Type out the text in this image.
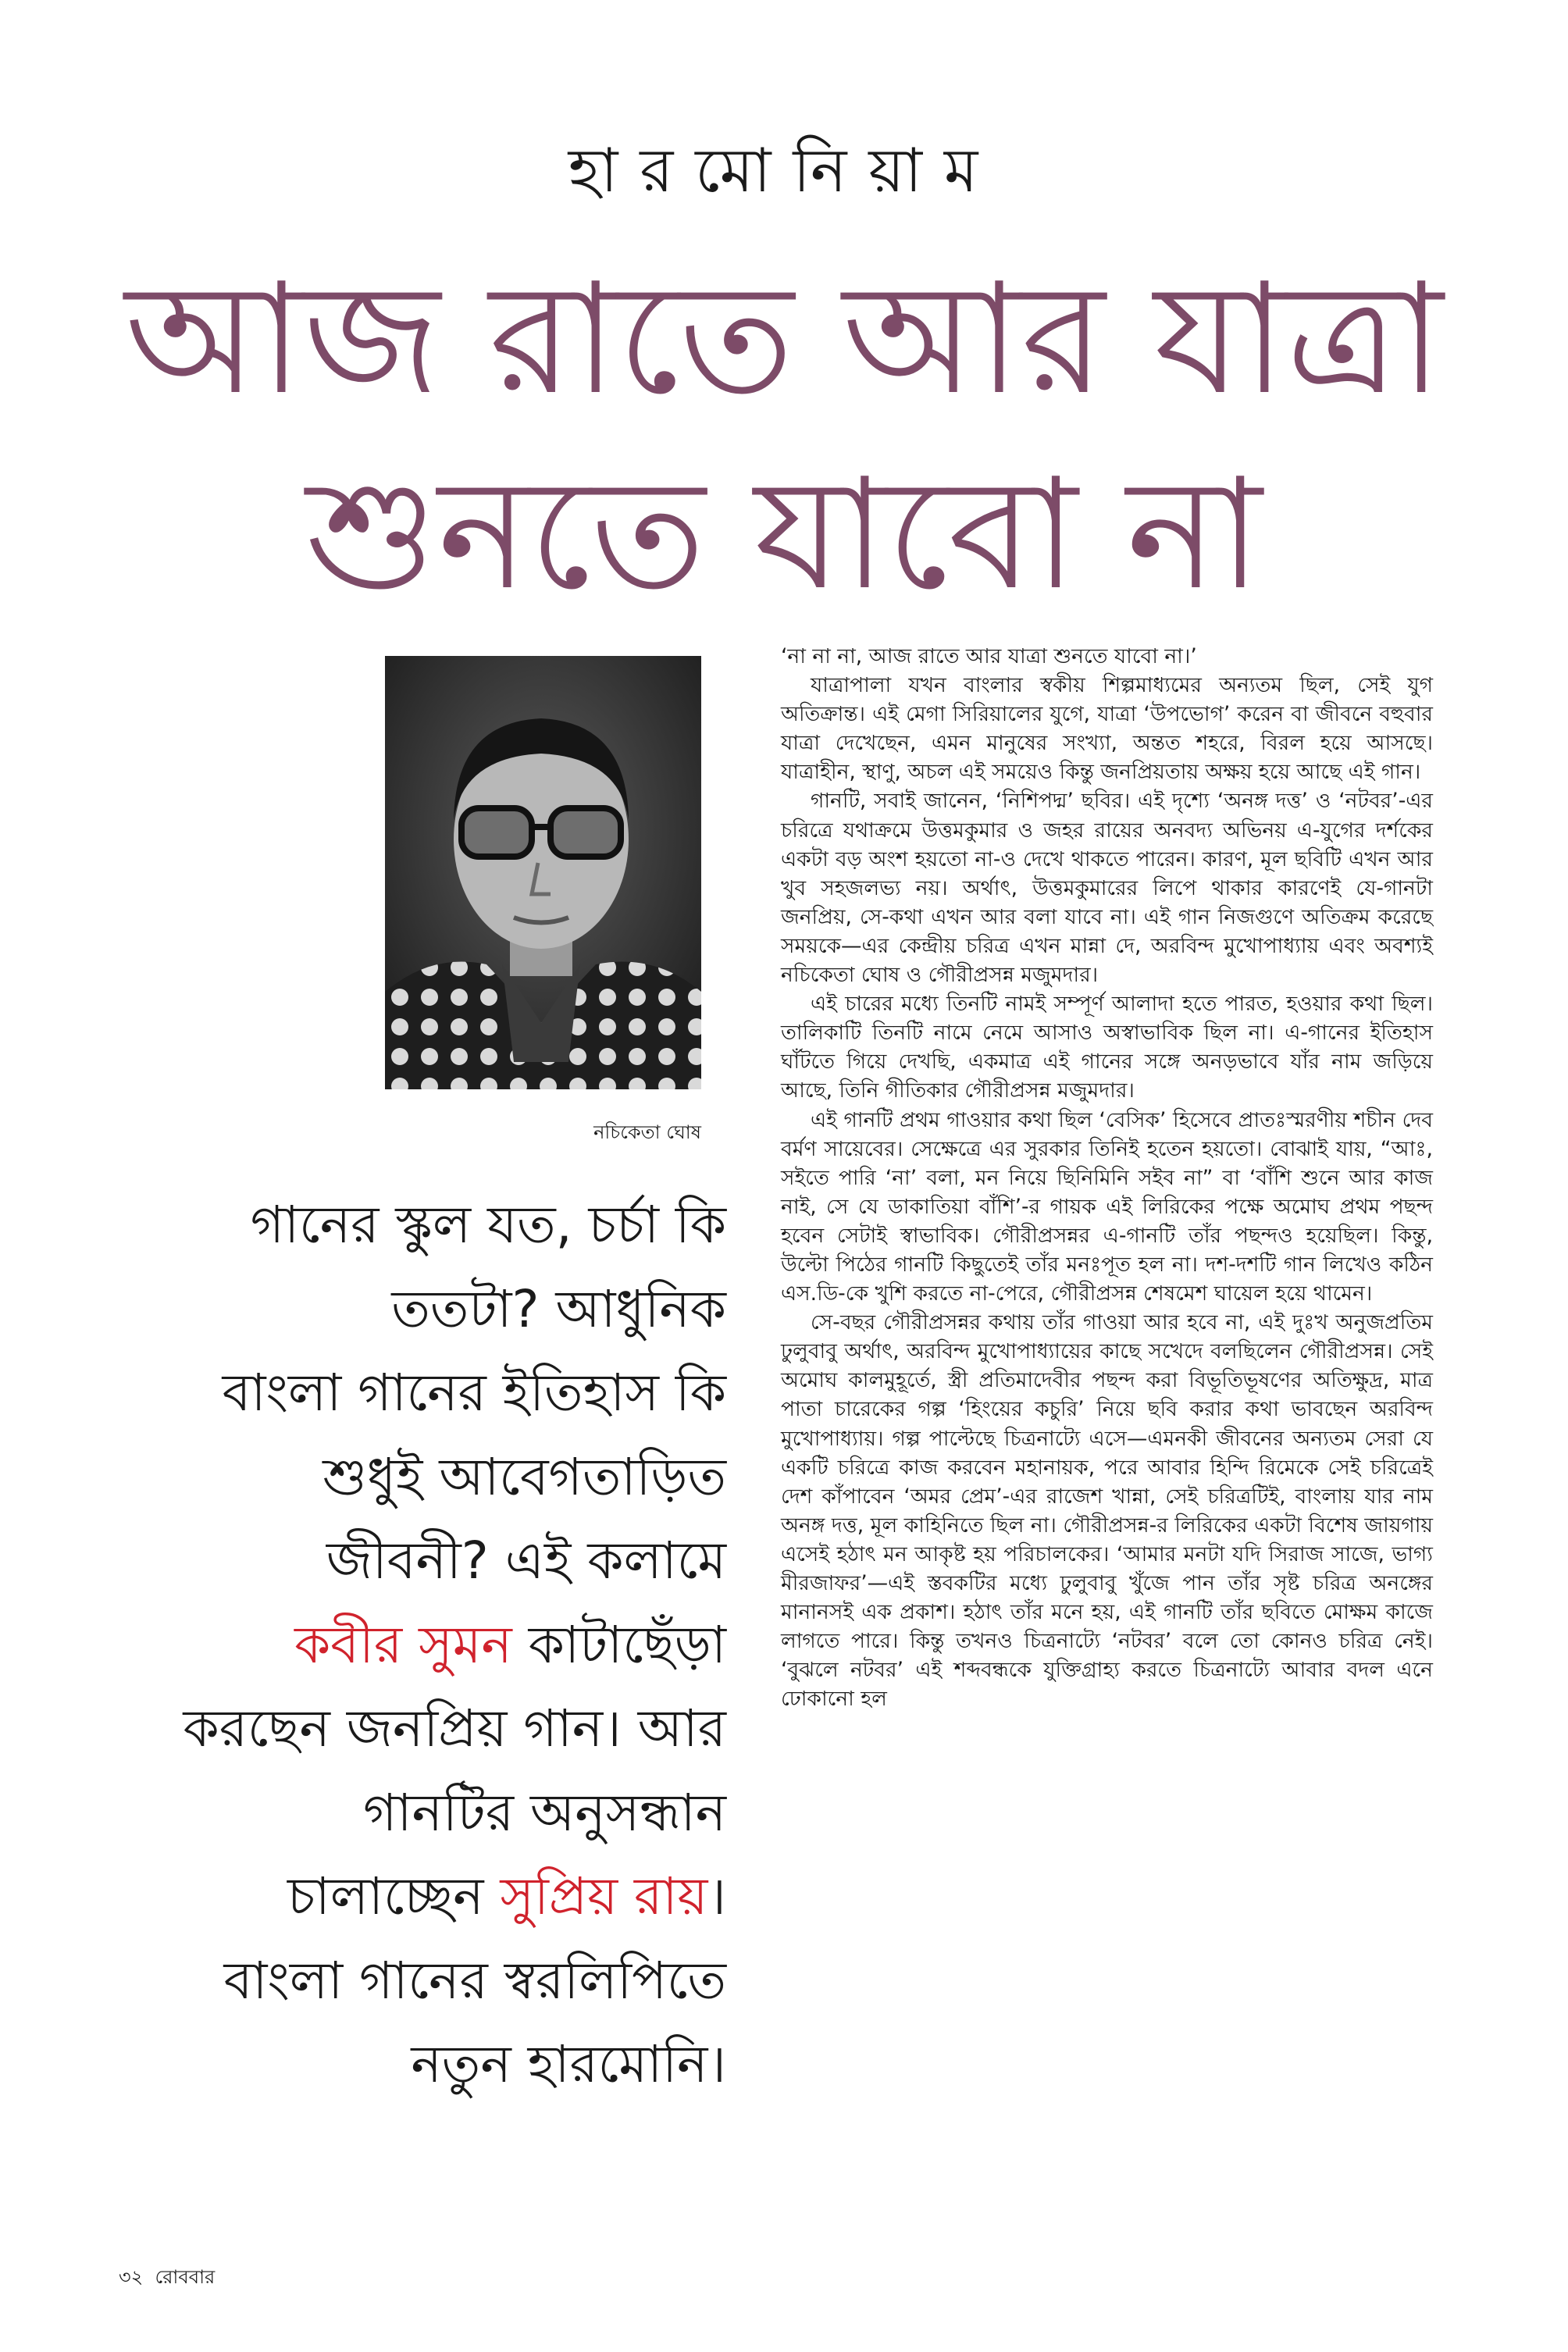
হারমোনিয়াম
আজ রাতে আর যাত্রা
শুনতে যাবো না
নচিকেতা ঘোষ
গানের স্কুল যত, চর্চা কি
ততটা? আধুনিক
বাংলা গানের ইতিহাস কি
শুধুই আবেগতাড়িত
জীবনী? এই কলামে
কবীর সুমন কাটাছেঁড়া
করছেন জনপ্রিয় গান। আর
গানটির অনুসন্ধান
চালাচ্ছেন সুপ্রিয় রায়।
বাংলা গানের স্বরলিপিতে
নতুন হারমোনি।

‘না না না, আজ রাতে আর যাত্রা শুনতে যাবো না।’

যাত্রাপালা যখন বাংলার স্বকীয় শিল্পমাধ্যমের অন্যতম ছিল, সেই যুগ অতিক্রান্ত। এই মেগা সিরিয়ালের যুগে, যাত্রা ‘উপভোগ’ করেন বা জীবনে বহুবার যাত্রা দেখেছেন, এমন মানুষের সংখ্যা, অন্তত শহরে, বিরল হয়ে আসছে। যাত্রাহীন, স্থাণু, অচল এই সময়েও কিন্তু জনপ্রিয়তায় অক্ষয় হয়ে আছে এই গান।

গানটি, সবাই জানেন, ‘নিশিপদ্ম’ ছবির। এই দৃশ্যে ‘অনঙ্গ দত্ত’ ও ‘নটবর’-এর চরিত্রে যথাক্রমে উত্তমকুমার ও জহর রায়ের অনবদ্য অভিনয় এ-যুগের দর্শকের একটা বড় অংশ হয়তো না-ও দেখে থাকতে পারেন। কারণ, মূল ছবিটি এখন আর খুব সহজলভ্য নয়। অর্থাৎ, উত্তমকুমারের লিপে থাকার কারণেই যে-গানটা জনপ্রিয়, সে-কথা এখন আর বলা যাবে না। এই গান নিজগুণে অতিক্রম করেছে সময়কে—এর কেন্দ্রীয় চরিত্র এখন মান্না দে, অরবিন্দ মুখোপাধ্যায় এবং অবশ্যই নচিকেতা ঘোষ ও গৌরীপ্রসন্ন মজুমদার।

এই চারের মধ্যে তিনটি নামই সম্পূর্ণ আলাদা হতে পারত, হওয়ার কথা ছিল। তালিকাটি তিনটি নামে নেমে আসাও অস্বাভাবিক ছিল না। এ-গানের ইতিহাস ঘাঁটতে গিয়ে দেখছি, একমাত্র এই গানের সঙ্গে অনড়ভাবে যাঁর নাম জড়িয়ে আছে, তিনি গীতিকার গৌরীপ্রসন্ন মজুমদার।

এই গানটি প্রথম গাওয়ার কথা ছিল ‘বেসিক’ হিসেবে প্রাতঃস্মরণীয় শচীন দেব বর্মণ সায়েবের। সেক্ষেত্রে এর সুরকার তিনিই হতেন হয়তো। বোঝাই যায়, “আঃ, সইতে পারি ‘না’ বলা, মন নিয়ে ছিনিমিনি সইব না” বা ‘বাঁশি শুনে আর কাজ নাই, সে যে ডাকাতিয়া বাঁশি’-র গায়ক এই লিরিকের পক্ষে অমোঘ প্রথম পছন্দ হবেন সেটাই স্বাভাবিক। গৌরীপ্রসন্নর এ-গানটি তাঁর পছন্দও হয়েছিল। কিন্তু, উল্টো পিঠের গানটি কিছুতেই তাঁর মনঃপূত হল না। দশ-দশটি গান লিখেও কঠিন এস.ডি-কে খুশি করতে না-পেরে, গৌরীপ্রসন্ন শেষমেশ ঘায়েল হয়ে থামেন।

সে-বছর গৌরীপ্রসন্নর কথায় তাঁর গাওয়া আর হবে না, এই দুঃখ অনুজপ্রতিম ঢুলুবাবু অর্থাৎ, অরবিন্দ মুখোপাধ্যায়ের কাছে সখেদে বলছিলেন গৌরীপ্রসন্ন। সেই অমোঘ কালমুহূর্তে, স্ত্রী প্রতিমাদেবীর পছন্দ করা বিভূতিভূষণের অতিক্ষুদ্র, মাত্র পাতা চারেকের গল্প ‘হিংয়ের কচুরি’ নিয়ে ছবি করার কথা ভাবছেন অরবিন্দ মুখোপাধ্যায়। গল্প পাল্টেছে চিত্রনাট্যে এসে—এমনকী জীবনের অন্যতম সেরা যে একটি চরিত্রে কাজ করবেন মহানায়ক, পরে আবার হিন্দি রিমেকে সেই চরিত্রেই দেশ কাঁপাবেন ‘অমর প্রেম’-এর রাজেশ খান্না, সেই চরিত্রটিই, বাংলায় যার নাম অনঙ্গ দত্ত, মূল কাহিনিতে ছিল না। গৌরীপ্রসন্ন-র লিরিকের একটা বিশেষ জায়গায় এসেই হঠাৎ মন আকৃষ্ট হয় পরিচালকের। ‘আমার মনটা যদি সিরাজ সাজে, ভাগ্য মীরজাফর’—এই স্তবকটির মধ্যে ঢুলুবাবু খুঁজে পান তাঁর সৃষ্ট চরিত্র অনঙ্গের মানানসই এক প্রকাশ। হঠাৎ তাঁর মনে হয়, এই গানটি তাঁর ছবিতে মোক্ষম কাজে লাগতে পারে। কিন্তু তখনও চিত্রনাট্যে ‘নটবর’ বলে তো কোনও চরিত্র নেই। ‘বুঝলে নটবর’ এই শব্দবন্ধকে যুক্তিগ্রাহ্য করতে চিত্রনাট্যে আবার বদল এনে ঢোকানো হল

৩২ রোববার
